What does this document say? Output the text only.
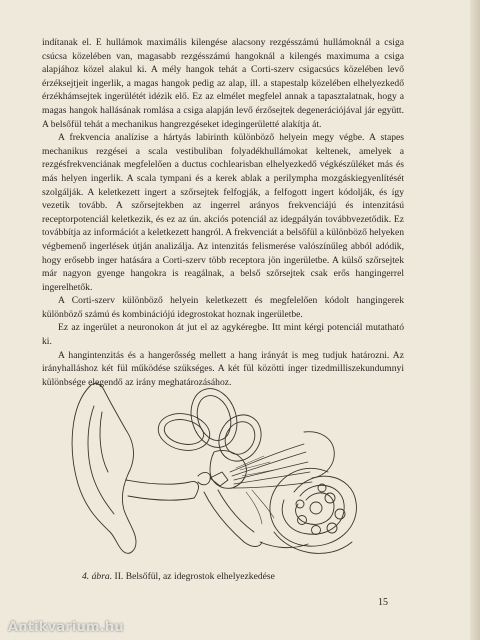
indítanak el. E hullámok maximális kilengése alacsony rezgésszámú hullámoknál a csiga csúcsa közelében van, magasabb rezgésszámú hangoknál a kilengés maximuma a csiga alapjához közel alakul ki. A mély hangok tehát a Corti-szerv csigacsúcs közelében levő érzéksejtjeit ingerlik, a magas hangok pedig az alap, ill. a stapestalp közelében elhelyezkedő érzékhámsejtek ingerülétét idézik elő. Ez az elmélet megfelel annak a tapasztalatnak, hogy a magas hangok hallásának romlása a csiga alapján levő érzősejtek degenerációjával jár együtt. A belsőfül tehát a mechanikus hangrezgéseket idegingerületté alakítja át.

A frekvencia analízise a hártyás labirinth különböző helyein megy végbe. A stapes mechanikus rezgései a scala vestibuliban folyadékhullámokat keltenek, amelyek a rezgésfrekvenciának megfelelően a ductus cochlearisban elhelyezkedő végkészüléket más és más helyen ingerlik. A scala tympani és a kerek ablak a perilympha mozgáskiegyenlítését szolgálják. A keletkezett ingert a szőrsejtek felfogják, a felfogott ingert kódolják, és így vezetik tovább. A szőrsejtekben az ingerrel arányos frekvenciájú és intenzitású receptorpotenciál keletkezik, és ez az ún. akciós potenciál az idegpályán továbbvezetődik. Ez továbbítja az információt a keletkezett hangról. A frekvenciát a belsőfül a különböző helyeken végbemenő ingerlések útján analizálja. Az intenzitás felismerése valószínűleg abból adódik, hogy erősebb inger hatására a Corti-szerv több receptora jön ingerületbe. A külső szőrsejtek már nagyon gyenge hangokra is reagálnak, a belső szőrsejtek csak erős hangingerrel ingerelhetők.

A Corti-szerv különböző helyein keletkezett és megfelelően kódolt hangingerek különböző számú és kombinációjú idegrostokat hoznak ingerületbe.

Ez az ingerület a neuronokon át jut el az agykéregbe. Itt mint kérgi potenciál mutatható ki.

A hangintenzitás és a hangerősség mellett a hang irányát is meg tudjuk határozni. Az irányhalláshoz két fül működése szükséges. A két fül közötti inger tizedmilliszekundumnyi különbsége elegendő az irány meghatározásához.

4. ábra. II. Belsőfül, az idegrostok elhelyezkedése
15
Antikvarium.hu
